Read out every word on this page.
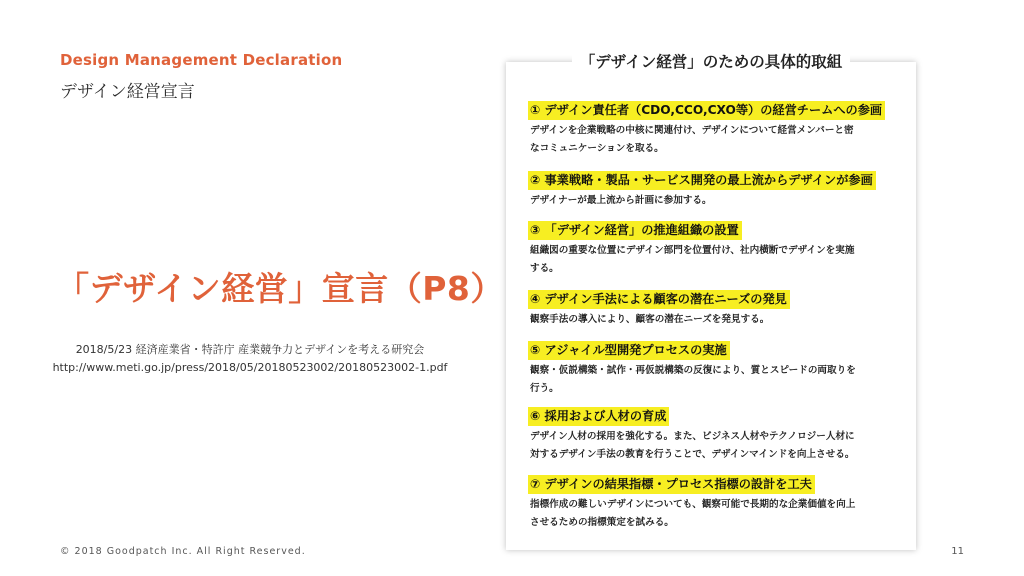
Design Management Declaration
デザイン経営宣言
「デザイン経営」宣言（P8）
2018/5/23 経済産業省・特許庁 産業競争力とデザインを考える研究会
http://www.meti.go.jp/press/2018/05/20180523002/20180523002-1.pdf
「デザイン経営」のための具体的取組
① デザイン責任者（CDO,CCO,CXO等）の経営チームへの参画
デザインを企業戦略の中核に関連付け、デザインについて経営メンバーと密
なコミュニケーションを取る。
② 事業戦略・製品・サービス開発の最上流からデザインが参画
デザイナーが最上流から計画に参加する。
③ 「デザイン経営」の推進組織の設置
組織図の重要な位置にデザイン部門を位置付け、社内横断でデザインを実施
する。
④ デザイン手法による顧客の潜在ニーズの発見
観察手法の導入により、顧客の潜在ニーズを発見する。
⑤ アジャイル型開発プロセスの実施
観察・仮説構築・試作・再仮説構築の反復により、質とスピードの両取りを
行う。
⑥ 採用および人材の育成
デザイン人材の採用を強化する。また、ビジネス人材やテクノロジー人材に
対するデザイン手法の教育を行うことで、デザインマインドを向上させる。
⑦ デザインの結果指標・プロセス指標の設計を工夫
指標作成の難しいデザインについても、観察可能で長期的な企業価値を向上
させるための指標策定を試みる。
© 2018 Goodpatch Inc. All Right Reserved.	11
